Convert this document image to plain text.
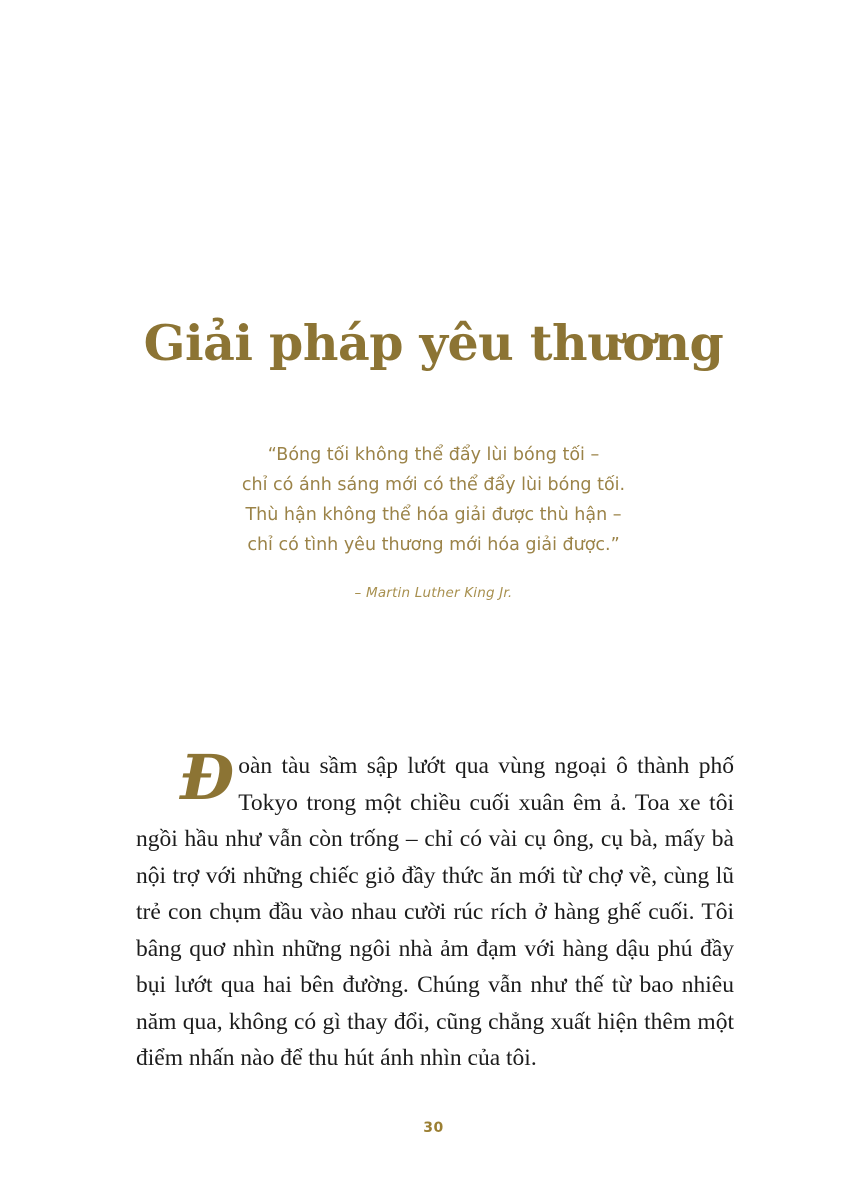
Giải pháp yêu thương
“Bóng tối không thể đẩy lùi bóng tối –
chỉ có ánh sáng mới có thể đẩy lùi bóng tối.
Thù hận không thể hóa giải được thù hận –
chỉ có tình yêu thương mới hóa giải được.”
– Martin Luther King Jr.

Đoàn tàu sầm sập lướt qua vùng ngoại ô thành phố Tokyo trong một chiều cuối xuân êm ả. Toa xe tôi ngồi hầu như vẫn còn trống – chỉ có vài cụ ông, cụ bà, mấy bà nội trợ với những chiếc giỏ đầy thức ăn mới từ chợ về, cùng lũ trẻ con chụm đầu vào nhau cười rúc rích ở hàng ghế cuối. Tôi bâng quơ nhìn những ngôi nhà ảm đạm với hàng dậu phú đầy bụi lướt qua hai bên đường. Chúng vẫn như thế từ bao nhiêu năm qua, không có gì thay đổi, cũng chẳng xuất hiện thêm một điểm nhấn nào để thu hút ánh nhìn của tôi.

30
